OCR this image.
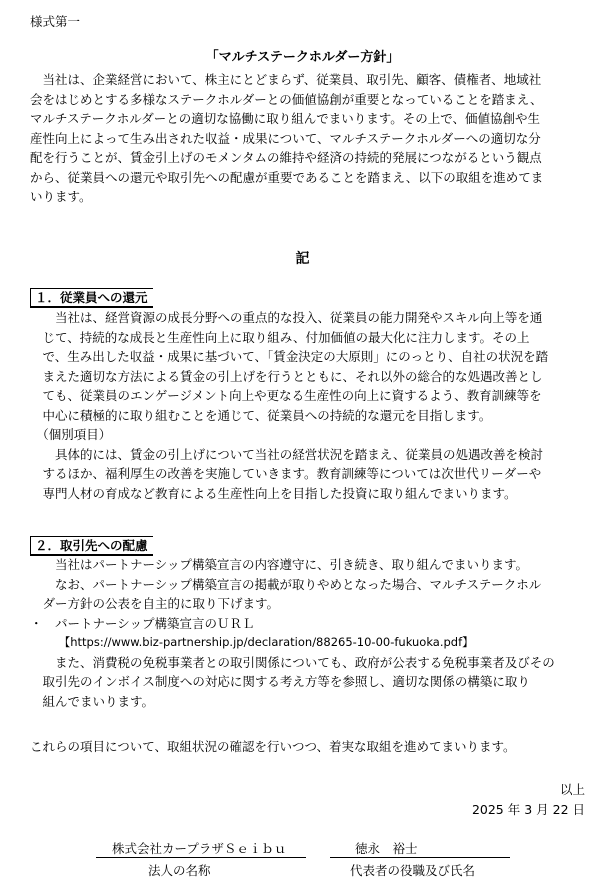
様式第一
「マルチステークホルダー方針」
　当社は、企業経営において、株主にとどまらず、従業員、取引先、顧客、債権者、地域社
会をはじめとする多様なステークホルダーとの価値協創が重要となっていることを踏まえ、
マルチステークホルダーとの適切な協働に取り組んでまいります。その上で、価値協創や生
産性向上によって生み出された収益・成果について、マルチステークホルダーへの適切な分
配を行うことが、賃金引上げのモメンタムの維持や経済の持続的発展につながるという観点
から、従業員への還元や取引先への配慮が重要であることを踏まえ、以下の取組を進めてま
いります。
記
１．従業員への還元
　　当社は、経営資源の成長分野への重点的な投入、従業員の能力開発やスキル向上等を通
　じて、持続的な成長と生産性向上に取り組み、付加価値の最大化に注力します。その上
　で、生み出した収益・成果に基づいて、「賃金決定の大原則」にのっとり、自社の状況を踏
　まえた適切な方法による賃金の引上げを行うとともに、それ以外の総合的な処遇改善とし
　ても、従業員のエンゲージメント向上や更なる生産性の向上に資するよう、教育訓練等を
　中心に積極的に取り組むことを通じて、従業員への持続的な還元を目指します。
　（個別項目）
　　具体的には、賃金の引上げについて当社の経営状況を踏まえ、従業員の処遇改善を検討
　するほか、福利厚生の改善を実施していきます。教育訓練等については次世代リーダーや
　専門人材の育成など教育による生産性向上を目指した投資に取り組んでまいります。
２．取引先への配慮
　　当社はパートナーシップ構築宣言の内容遵守に、引き続き、取り組んでまいります。
　　なお、パートナーシップ構築宣言の掲載が取りやめとなった場合、マルチステークホル
　ダー方針の公表を自主的に取り下げます。
・　パートナーシップ構築宣言のＵＲＬ
　　　【https://www.biz-partnership.jp/declaration/88265-10-00-fukuoka.pdf】
　　また、消費税の免税事業者との取引関係についても、政府が公表する免税事業者及びその
　取引先のインボイス制度への対応に関する考え方等を参照し、適切な関係の構築に取り
　組んでまいります。
これらの項目について、取組状況の確認を行いつつ、着実な取組を進めてまいります。
以上
2025 年 3 月 22 日
株式会社カープラザＳｅｉｂｕ
法人の名称
徳永　裕士
代表者の役職及び氏名
